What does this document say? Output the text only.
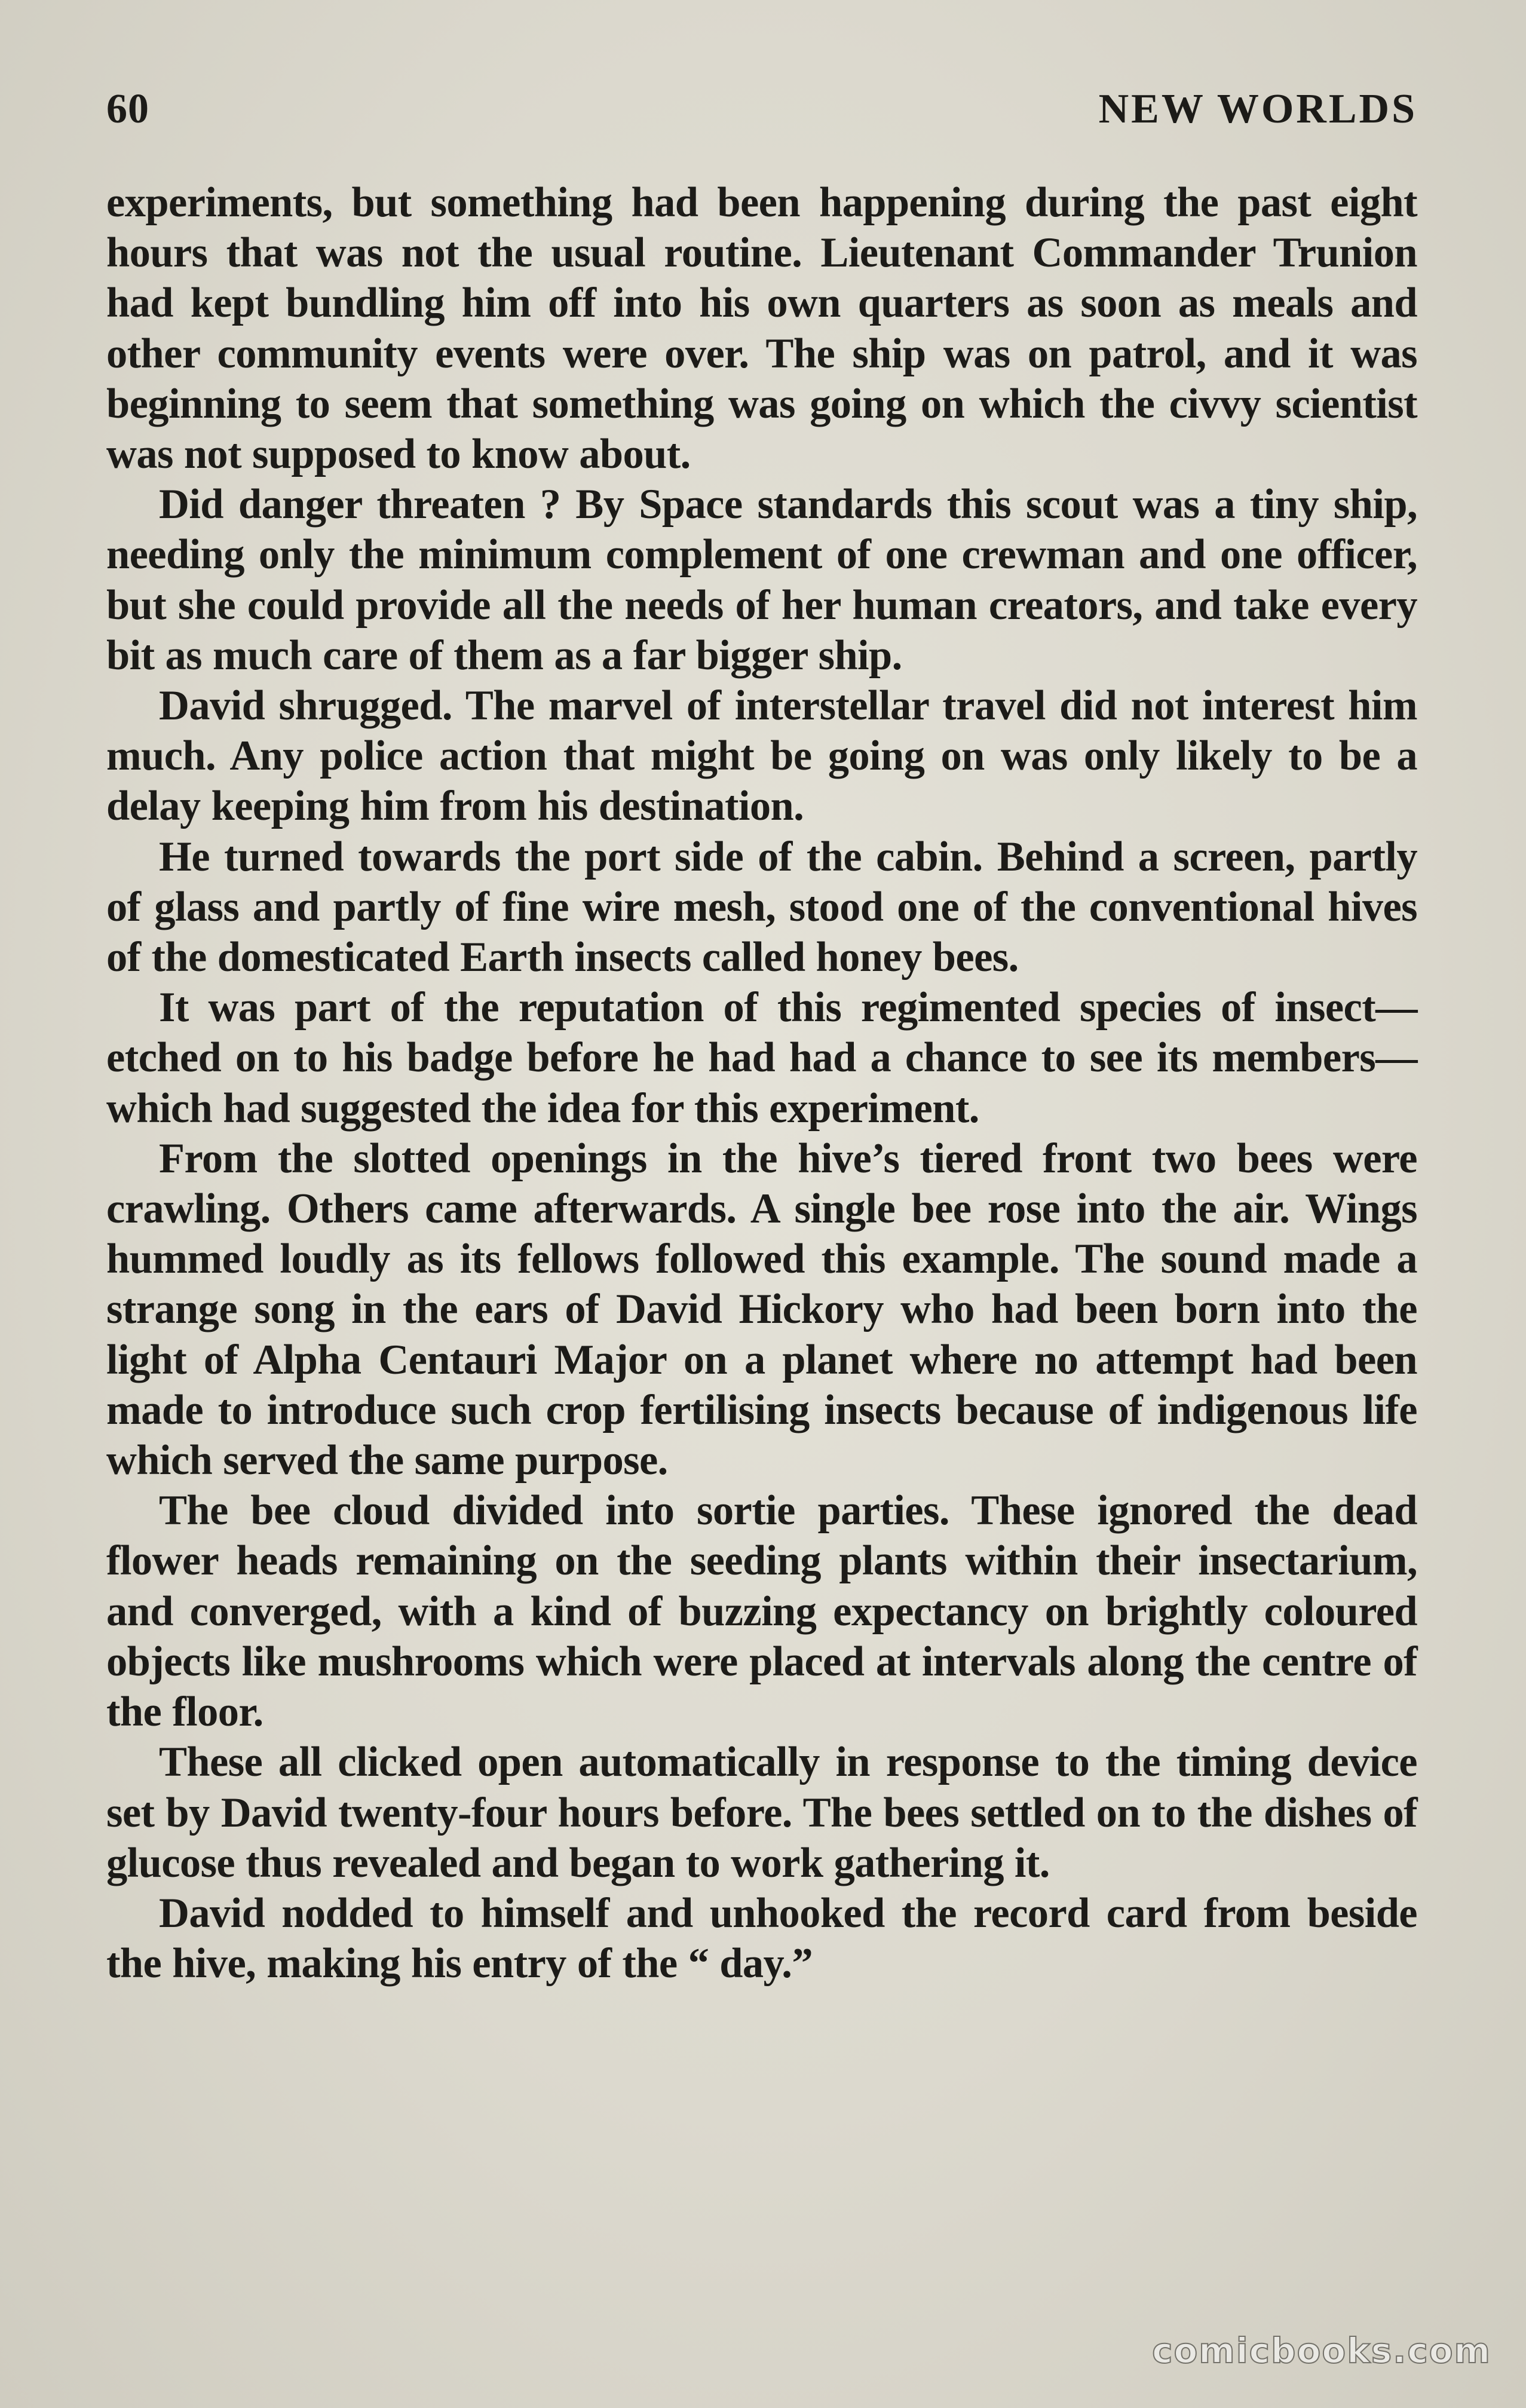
60	NEW WORLDS

experiments, but something had been happening during the past eight hours that was not the usual routine. Lieutenant Commander Trunion had kept bundling him off into his own quarters as soon as meals and other community events were over. The ship was on patrol, and it was beginning to seem that something was going on which the civvy scientist was not supposed to know about.

Did danger threaten ? By Space standards this scout was a tiny ship, needing only the minimum complement of one crewman and one officer, but she could provide all the needs of her human creators, and take every bit as much care of them as a far bigger ship.

David shrugged. The marvel of interstellar travel did not interest him much. Any police action that might be going on was only likely to be a delay keeping him from his destination.

He turned towards the port side of the cabin. Behind a screen, partly of glass and partly of fine wire mesh, stood one of the conventional hives of the domesticated Earth insects called honey bees.

It was part of the reputation of this regimented species of insect—etched on to his badge before he had had a chance to see its members—which had suggested the idea for this experiment.

From the slotted openings in the hive’s tiered front two bees were crawling. Others came afterwards. A single bee rose into the air. Wings hummed loudly as its fellows followed this example. The sound made a strange song in the ears of David Hickory who had been born into the light of Alpha Centauri Major on a planet where no attempt had been made to introduce such crop fertilising insects because of indigenous life which served the same purpose.

The bee cloud divided into sortie parties. These ignored the dead flower heads remaining on the seeding plants within their insectarium, and converged, with a kind of buzzing expectancy on brightly coloured objects like mushrooms which were placed at intervals along the centre of the floor.

These all clicked open automatically in response to the timing device set by David twenty-four hours before. The bees settled on to the dishes of glucose thus revealed and began to work gathering it.

David nodded to himself and unhooked the record card from beside the hive, making his entry of the “ day.”

comicbooks.com
